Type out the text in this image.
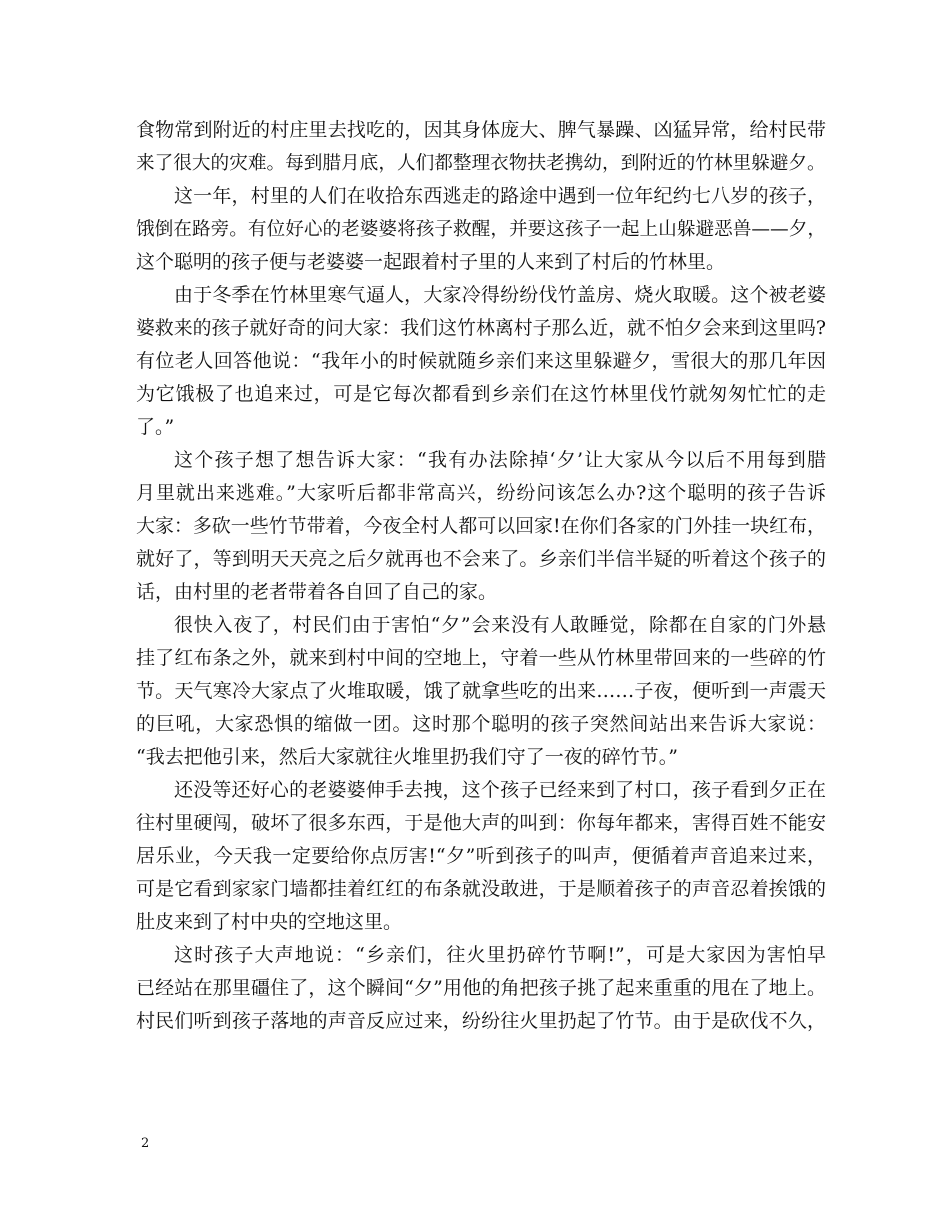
食物常到附近的村庄里去找吃的，因其身体庞大、脾气暴躁、凶猛异常，给村民带
来了很大的灾难。每到腊月底，人们都整理衣物扶老携幼，到附近的竹林里躲避夕。
这一年，村里的人们在收拾东西逃走的路途中遇到一位年纪约七八岁的孩子，
饿倒在路旁。有位好心的老婆婆将孩子救醒，并要这孩子一起上山躲避恶兽——夕，
这个聪明的孩子便与老婆婆一起跟着村子里的人来到了村后的竹林里。
由于冬季在竹林里寒气逼人，大家冷得纷纷伐竹盖房、烧火取暖。这个被老婆
婆救来的孩子就好奇的问大家：我们这竹林离村子那么近，就不怕夕会来到这里吗?
有位老人回答他说：“我年小的时候就随乡亲们来这里躲避夕，雪很大的那几年因
为它饿极了也追来过，可是它每次都看到乡亲们在这竹林里伐竹就匆匆忙忙的走
了。”
这个孩子想了想告诉大家：“我有办法除掉‘夕’让大家从今以后不用每到腊
月里就出来逃难。”大家听后都非常高兴，纷纷问该怎么办?这个聪明的孩子告诉
大家：多砍一些竹节带着，今夜全村人都可以回家!在你们各家的门外挂一块红布，
就好了，等到明天天亮之后夕就再也不会来了。乡亲们半信半疑的听着这个孩子的
话，由村里的老者带着各自回了自己的家。
很快入夜了，村民们由于害怕“夕”会来没有人敢睡觉，除都在自家的门外悬
挂了红布条之外，就来到村中间的空地上，守着一些从竹林里带回来的一些碎的竹
节。天气寒冷大家点了火堆取暖，饿了就拿些吃的出来……子夜，便听到一声震天
的巨吼，大家恐惧的缩做一团。这时那个聪明的孩子突然间站出来告诉大家说：
“我去把他引来，然后大家就往火堆里扔我们守了一夜的碎竹节。”
还没等还好心的老婆婆伸手去拽，这个孩子已经来到了村口，孩子看到夕正在
往村里硬闯，破坏了很多东西，于是他大声的叫到：你每年都来，害得百姓不能安
居乐业，今天我一定要给你点厉害!“夕”听到孩子的叫声，便循着声音追来过来，
可是它看到家家门墙都挂着红红的布条就没敢进，于是顺着孩子的声音忍着挨饿的
肚皮来到了村中央的空地这里。
这时孩子大声地说：“乡亲们，往火里扔碎竹节啊!”，可是大家因为害怕早
已经站在那里礓住了，这个瞬间“夕”用他的角把孩子挑了起来重重的甩在了地上。
村民们听到孩子落地的声音反应过来，纷纷往火里扔起了竹节。由于是砍伐不久，
2
